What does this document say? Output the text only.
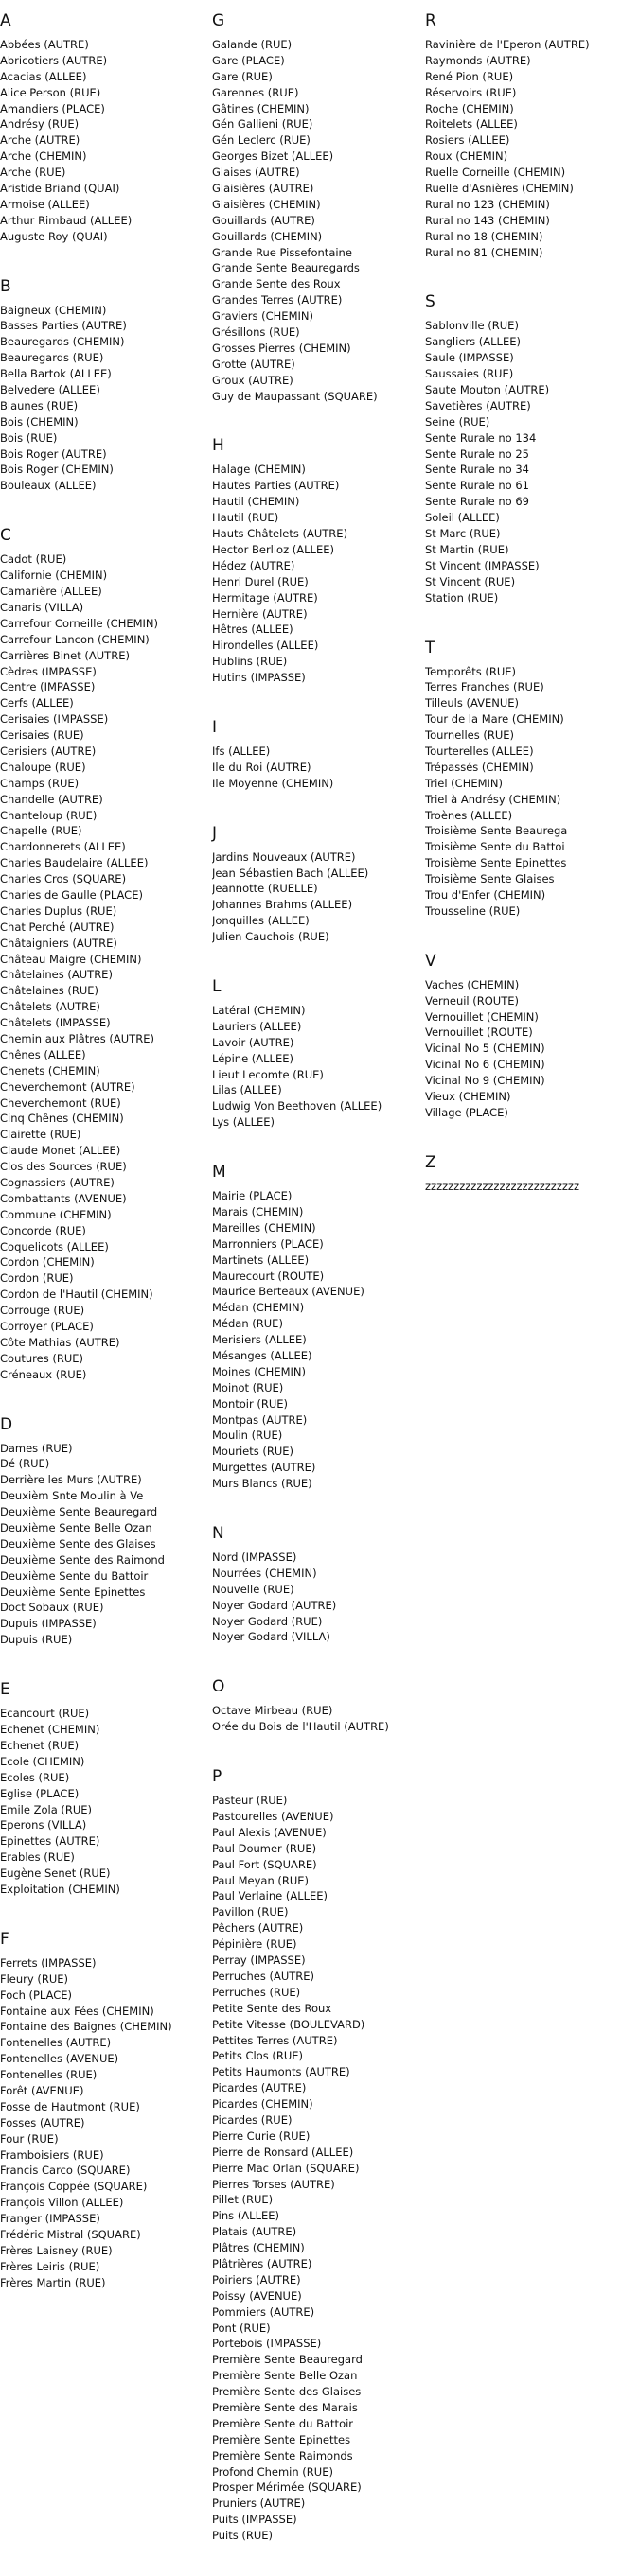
A
Abbées (AUTRE)
Abricotiers (AUTRE)
Acacias (ALLEE)
Alice Person (RUE)
Amandiers (PLACE)
Andrésy (RUE)
Arche (AUTRE)
Arche (CHEMIN)
Arche (RUE)
Aristide Briand (QUAI)
Armoise (ALLEE)
Arthur Rimbaud (ALLEE)
Auguste Roy (QUAI)
B
Baigneux (CHEMIN)
Basses Parties (AUTRE)
Beauregards (CHEMIN)
Beauregards (RUE)
Bella Bartok (ALLEE)
Belvedere (ALLEE)
Biaunes (RUE)
Bois (CHEMIN)
Bois (RUE)
Bois Roger (AUTRE)
Bois Roger (CHEMIN)
Bouleaux (ALLEE)
C
Cadot (RUE)
Californie (CHEMIN)
Camarière (ALLEE)
Canaris (VILLA)
Carrefour Corneille (CHEMIN)
Carrefour Lancon (CHEMIN)
Carrières Binet (AUTRE)
Cèdres (IMPASSE)
Centre (IMPASSE)
Cerfs (ALLEE)
Cerisaies (IMPASSE)
Cerisaies (RUE)
Cerisiers (AUTRE)
Chaloupe (RUE)
Champs (RUE)
Chandelle (AUTRE)
Chanteloup (RUE)
Chapelle (RUE)
Chardonnerets (ALLEE)
Charles Baudelaire (ALLEE)
Charles Cros (SQUARE)
Charles de Gaulle (PLACE)
Charles Duplus (RUE)
Chat Perché (AUTRE)
Châtaigniers (AUTRE)
Château Maigre (CHEMIN)
Châtelaines (AUTRE)
Châtelaines (RUE)
Châtelets (AUTRE)
Châtelets (IMPASSE)
Chemin aux Plâtres (AUTRE)
Chênes (ALLEE)
Chenets (CHEMIN)
Cheverchemont (AUTRE)
Cheverchemont (RUE)
Cinq Chênes (CHEMIN)
Clairette (RUE)
Claude Monet (ALLEE)
Clos des Sources (RUE)
Cognassiers (AUTRE)
Combattants (AVENUE)
Commune (CHEMIN)
Concorde (RUE)
Coquelicots (ALLEE)
Cordon (CHEMIN)
Cordon (RUE)
Cordon de l'Hautil (CHEMIN)
Corrouge (RUE)
Corroyer (PLACE)
Côte Mathias (AUTRE)
Coutures (RUE)
Créneaux (RUE)
D
Dames (RUE)
Dé (RUE)
Derrière les Murs (AUTRE)
Deuxièm Snte Moulin à Ve
Deuxième Sente Beauregard
Deuxième Sente Belle Ozan
Deuxième Sente des Glaises
Deuxième Sente des Raimond
Deuxième Sente du Battoir
Deuxième Sente Epinettes
Doct Sobaux (RUE)
Dupuis (IMPASSE)
Dupuis (RUE)
E
Ecancourt (RUE)
Echenet (CHEMIN)
Echenet (RUE)
Ecole (CHEMIN)
Ecoles (RUE)
Eglise (PLACE)
Emile Zola (RUE)
Eperons (VILLA)
Epinettes (AUTRE)
Erables (RUE)
Eugène Senet (RUE)
Exploitation (CHEMIN)
F
Ferrets (IMPASSE)
Fleury (RUE)
Foch (PLACE)
Fontaine aux Fées (CHEMIN)
Fontaine des Baignes (CHEMIN)
Fontenelles (AUTRE)
Fontenelles (AVENUE)
Fontenelles (RUE)
Forêt (AVENUE)
Fosse de Hautmont (RUE)
Fosses (AUTRE)
Four (RUE)
Framboisiers (RUE)
Francis Carco (SQUARE)
François Coppée (SQUARE)
François Villon (ALLEE)
Franger (IMPASSE)
Frédéric Mistral (SQUARE)
Frères Laisney (RUE)
Frères Leiris (RUE)
Frères Martin (RUE)
G
Galande (RUE)
Gare (PLACE)
Gare (RUE)
Garennes (RUE)
Gâtines (CHEMIN)
Gén Gallieni (RUE)
Gén Leclerc (RUE)
Georges Bizet (ALLEE)
Glaises (AUTRE)
Glaisières (AUTRE)
Glaisières (CHEMIN)
Gouillards (AUTRE)
Gouillards (CHEMIN)
Grande Rue Pissefontaine
Grande Sente Beauregards
Grande Sente des Roux
Grandes Terres (AUTRE)
Graviers (CHEMIN)
Grésillons (RUE)
Grosses Pierres (CHEMIN)
Grotte (AUTRE)
Groux (AUTRE)
Guy de Maupassant (SQUARE)
H
Halage (CHEMIN)
Hautes Parties (AUTRE)
Hautil (CHEMIN)
Hautil (RUE)
Hauts Châtelets (AUTRE)
Hector Berlioz (ALLEE)
Hédez (AUTRE)
Henri Durel (RUE)
Hermitage (AUTRE)
Hernière (AUTRE)
Hêtres (ALLEE)
Hirondelles (ALLEE)
Hublins (RUE)
Hutins (IMPASSE)
I
Ifs (ALLEE)
Ile du Roi (AUTRE)
Ile Moyenne (CHEMIN)
J
Jardins Nouveaux (AUTRE)
Jean Sébastien Bach (ALLEE)
Jeannotte (RUELLE)
Johannes Brahms (ALLEE)
Jonquilles (ALLEE)
Julien Cauchois (RUE)
L
Latéral (CHEMIN)
Lauriers (ALLEE)
Lavoir (AUTRE)
Lépine (ALLEE)
Lieut Lecomte (RUE)
Lilas (ALLEE)
Ludwig Von Beethoven (ALLEE)
Lys (ALLEE)
M
Mairie (PLACE)
Marais (CHEMIN)
Mareilles (CHEMIN)
Marronniers (PLACE)
Martinets (ALLEE)
Maurecourt (ROUTE)
Maurice Berteaux (AVENUE)
Médan (CHEMIN)
Médan (RUE)
Merisiers (ALLEE)
Mésanges (ALLEE)
Moines (CHEMIN)
Moinot (RUE)
Montoir (RUE)
Montpas (AUTRE)
Moulin (RUE)
Mouriets (RUE)
Murgettes (AUTRE)
Murs Blancs (RUE)
N
Nord (IMPASSE)
Nourrées (CHEMIN)
Nouvelle (RUE)
Noyer Godard (AUTRE)
Noyer Godard (RUE)
Noyer Godard (VILLA)
O
Octave Mirbeau (RUE)
Orée du Bois de l'Hautil (AUTRE)
P
Pasteur (RUE)
Pastourelles (AVENUE)
Paul Alexis (AVENUE)
Paul Doumer (RUE)
Paul Fort (SQUARE)
Paul Meyan (RUE)
Paul Verlaine (ALLEE)
Pavillon (RUE)
Pêchers (AUTRE)
Pépinière (RUE)
Perray (IMPASSE)
Perruches (AUTRE)
Perruches (RUE)
Petite Sente des Roux
Petite Vitesse (BOULEVARD)
Pettites Terres (AUTRE)
Petits Clos (RUE)
Petits Haumonts (AUTRE)
Picardes (AUTRE)
Picardes (CHEMIN)
Picardes (RUE)
Pierre Curie (RUE)
Pierre de Ronsard (ALLEE)
Pierre Mac Orlan (SQUARE)
Pierres Torses (AUTRE)
Pillet (RUE)
Pins (ALLEE)
Platais (AUTRE)
Plâtres (CHEMIN)
Plâtrières (AUTRE)
Poiriers (AUTRE)
Poissy (AVENUE)
Pommiers (AUTRE)
Pont (RUE)
Portebois (IMPASSE)
Première Sente Beauregard
Première Sente Belle Ozan
Première Sente des Glaises
Première Sente des Marais
Première Sente du Battoir
Première Sente Epinettes
Première Sente Raimonds
Profond Chemin (RUE)
Prosper Mérimée (SQUARE)
Pruniers (AUTRE)
Puits (IMPASSE)
Puits (RUE)
R
Ravinière de l'Eperon (AUTRE)
Raymonds (AUTRE)
René Pion (RUE)
Réservoirs (RUE)
Roche (CHEMIN)
Roitelets (ALLEE)
Rosiers (ALLEE)
Roux (CHEMIN)
Ruelle Corneille (CHEMIN)
Ruelle d'Asnières (CHEMIN)
Rural no 123 (CHEMIN)
Rural no 143 (CHEMIN)
Rural no 18 (CHEMIN)
Rural no 81 (CHEMIN)
S
Sablonville (RUE)
Sangliers (ALLEE)
Saule (IMPASSE)
Saussaies (RUE)
Saute Mouton (AUTRE)
Savetières (AUTRE)
Seine (RUE)
Sente Rurale no 134
Sente Rurale no 25
Sente Rurale no 34
Sente Rurale no 61
Sente Rurale no 69
Soleil (ALLEE)
St Marc (RUE)
St Martin (RUE)
St Vincent (IMPASSE)
St Vincent (RUE)
Station (RUE)
T
Temporêts (RUE)
Terres Franches (RUE)
Tilleuls (AVENUE)
Tour de la Mare (CHEMIN)
Tournelles (RUE)
Tourterelles (ALLEE)
Trépassés (CHEMIN)
Triel (CHEMIN)
Triel à Andrésy (CHEMIN)
Troènes (ALLEE)
Troisième Sente Beaurega
Troisième Sente du Battoi
Troisième Sente Epinettes
Troisième Sente Glaises
Trou d'Enfer (CHEMIN)
Trousseline (RUE)
V
Vaches (CHEMIN)
Verneuil (ROUTE)
Vernouillet (CHEMIN)
Vernouillet (ROUTE)
Vicinal No 5 (CHEMIN)
Vicinal No 6 (CHEMIN)
Vicinal No 9 (CHEMIN)
Vieux (CHEMIN)
Village (PLACE)
Z
zzzzzzzzzzzzzzzzzzzzzzzzzzz
